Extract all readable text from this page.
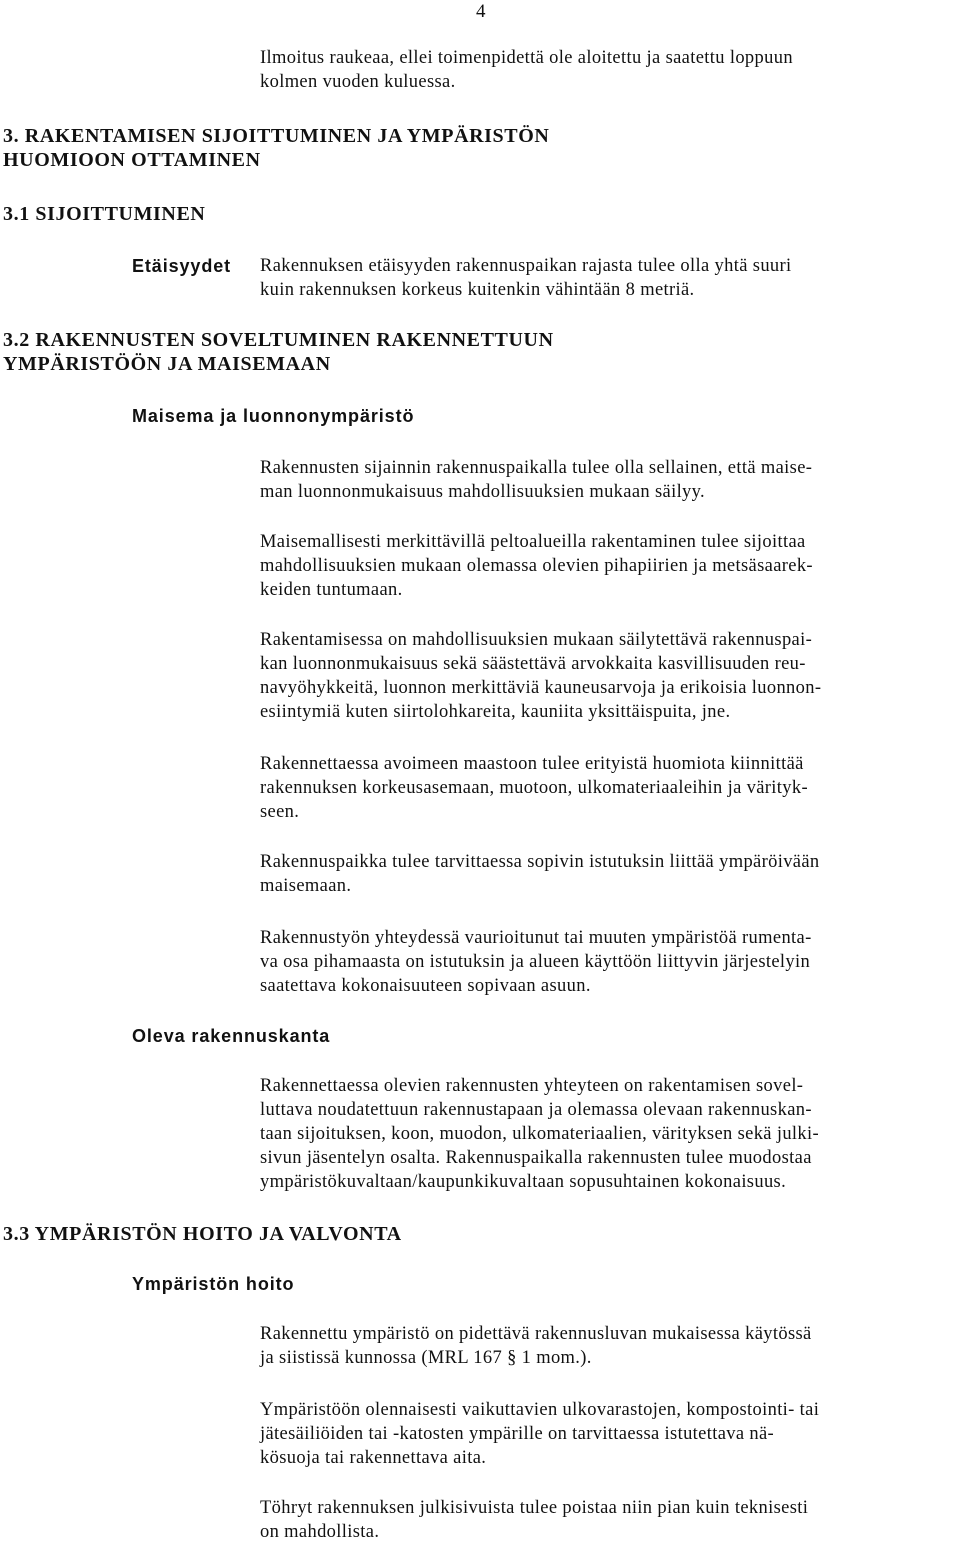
4

Ilmoitus raukeaa, ellei toimenpidettä ole aloitettu ja saatettu loppuun
kolmen vuoden kuluessa.

3. RAKENTAMISEN SIJOITTUMINEN JA YMPÄRISTÖN
HUOMIOON OTTAMINEN
3.1 SIJOITTUMINEN
Etäisyydet Rakennuksen etäisyyden rakennuspaikan rajasta tulee olla yhtä suuri
kuin rakennuksen korkeus kuitenkin vähintään 8 metriä.

3.2 RAKENNUSTEN SOVELTUMINEN RAKENNETTUUN
YMPÄRISTÖÖN JA MAISEMAAN
Maisema ja luonnonympäristö

Rakennusten sijainnin rakennuspaikalla tulee olla sellainen, että maise-
man luonnonmukaisuus mahdollisuuksien mukaan säilyy.

Maisemallisesti merkittävillä peltoalueilla rakentaminen tulee sijoittaa
mahdollisuuksien mukaan olemassa olevien pihapiirien ja metsäsaarek-
keiden tuntumaan.

Rakentamisessa on mahdollisuuksien mukaan säilytettävä rakennuspai-
kan luonnonmukaisuus sekä säästettävä arvokkaita kasvillisuuden reu-
navyöhykkeitä, luonnon merkittäviä kauneusarvoja ja erikoisia luonnon-
esiintymiä kuten siirtolohkareita, kauniita yksittäispuita, jne.

Rakennettaessa avoimeen maastoon tulee erityistä huomiota kiinnittää
rakennuksen korkeusasemaan, muotoon, ulkomateriaaleihin ja värityk-
seen.

Rakennuspaikka tulee tarvittaessa sopivin istutuksin liittää ympäröivään
maisemaan.

Rakennustyön yhteydessä vaurioitunut tai muuten ympäristöä rumenta-
va osa pihamaasta on istutuksin ja alueen käyttöön liittyvin järjestelyin
saatettava kokonaisuuteen sopivaan asuun.

Oleva rakennuskanta

Rakennettaessa olevien rakennusten yhteyteen on rakentamisen sovel-
luttava noudatettuun rakennustapaan ja olemassa olevaan rakennuskan-
taan sijoituksen, koon, muodon, ulkomateriaalien, värityksen sekä julki-
sivun jäsentelyn osalta. Rakennuspaikalla rakennusten tulee muodostaa
ympäristökuvaltaan/kaupunkikuvaltaan sopusuhtainen kokonaisuus.

3.3 YMPÄRISTÖN HOITO JA VALVONTA
Ympäristön hoito

Rakennettu ympäristö on pidettävä rakennusluvan mukaisessa käytössä
ja siistissä kunnossa (MRL 167 § 1 mom.).

Ympäristöön olennaisesti vaikuttavien ulkovarastojen, kompostointi- tai
jätesäiliöiden tai -katosten ympärille on tarvittaessa istutettava nä-
kösuoja tai rakennettava aita.

Töhryt rakennuksen julkisivuista tulee poistaa niin pian kuin teknisesti
on mahdollista.
